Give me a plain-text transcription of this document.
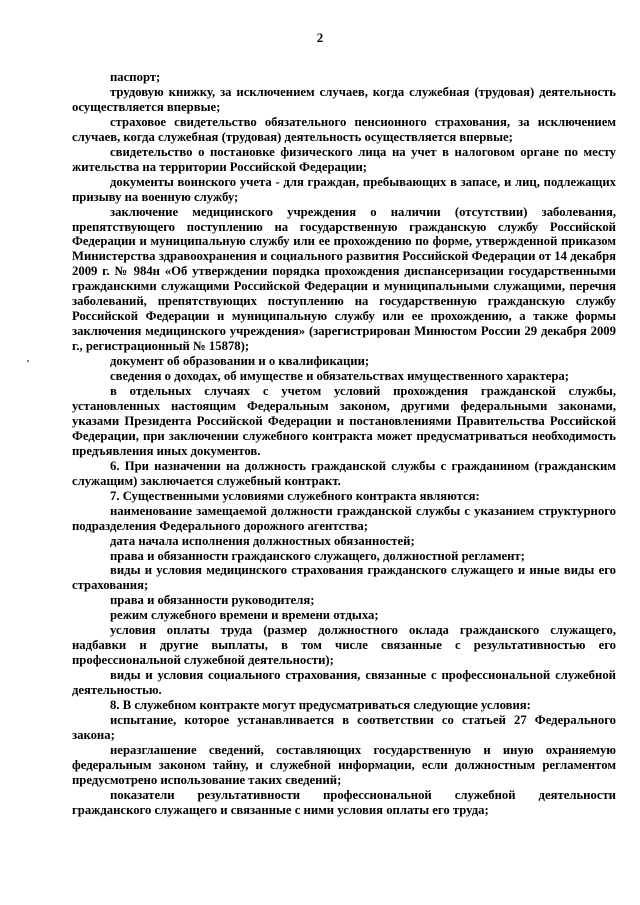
2

паспорт;

трудовую книжку, за исключением случаев, когда служебная (трудовая) деятельность осуществляется впервые;

страховое свидетельство обязательного пенсионного страхования, за исключением случаев, когда служебная (трудовая) деятельность осуществляется впервые;

свидетельство о постановке физического лица на учет в налоговом органе по месту жительства на территории Российской Федерации;

документы воинского учета - для граждан, пребывающих в запасе, и лиц, подлежащих призыву на военную службу;

заключение медицинского учреждения о наличии (отсутствии) заболевания, препятствующего поступлению на государственную гражданскую службу Российской Федерации и муниципальную службу или ее прохождению по форме, утвержденной приказом Министерства здравоохранения и социального развития Российской Федерации от 14 декабря 2009 г. № 984н «Об утверждении порядка прохождения диспансеризации государственными гражданскими служащими Российской Федерации и муниципальными служащими, перечня заболеваний, препятствующих поступлению на государственную гражданскую службу Российской Федерации и муниципальную службу или ее прохождению, а также формы заключения медицинского учреждения» (зарегистрирован Минюстом России 29 декабря 2009 г., регистрационный № 15878);

документ об образовании и о квалификации;

сведения о доходах, об имуществе и обязательствах имущественного характера;

в отдельных случаях с учетом условий прохождения гражданской службы, установленных настоящим Федеральным законом, другими федеральными законами, указами Президента Российской Федерации и постановлениями Правительства Российской Федерации, при заключении служебного контракта может предусматриваться необходимость предъявления иных документов.

6. При назначении на должность гражданской службы с гражданином (гражданским служащим) заключается служебный контракт.

7. Существенными условиями служебного контракта являются:

наименование замещаемой должности гражданской службы с указанием структурного подразделения Федерального дорожного агентства;

дата начала исполнения должностных обязанностей;

права и обязанности гражданского служащего, должностной регламент;

виды и условия медицинского страхования гражданского служащего и иные виды его страхования;

права и обязанности руководителя;

режим служебного времени и времени отдыха;

условия оплаты труда (размер должностного оклада гражданского служащего, надбавки и другие выплаты, в том числе связанные с результативностью его профессиональной служебной деятельности);

виды и условия социального страхования, связанные с профессиональной служебной деятельностью.

8. В служебном контракте могут предусматриваться следующие условия:

испытание, которое устанавливается в соответствии со статьей 27 Федерального закона;

неразглашение сведений, составляющих государственную и иную охраняемую федеральным законом тайну, и служебной информации, если должностным регламентом предусмотрено использование таких сведений;

показатели результативности профессиональной служебной деятельности гражданского служащего и связанные с ними условия оплаты его труда;
